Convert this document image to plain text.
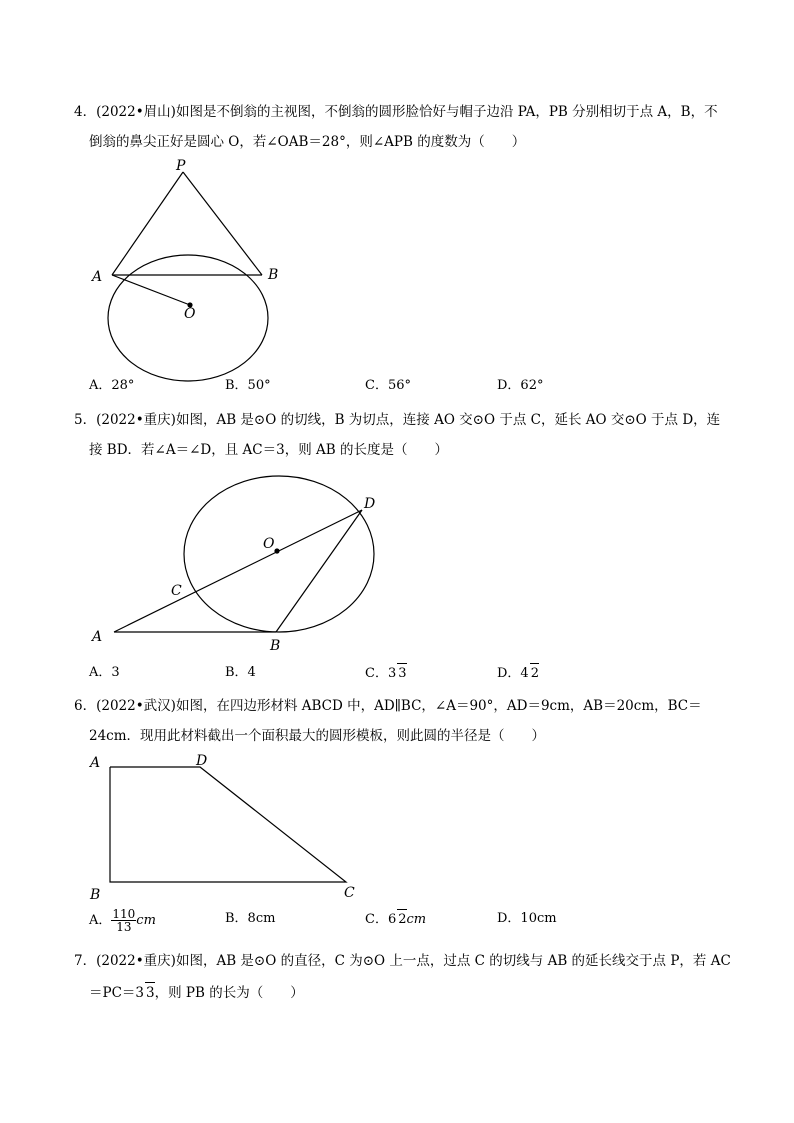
4．(2022•眉山)如图是不倒翁的主视图，不倒翁的圆形脸恰好与帽子边沿 PA，PB 分别相切于点 A，B，不
倒翁的鼻尖正好是圆心 O，若∠OAB＝28°，则∠APB 的度数为（　　）
P
A	B
O
A．28°	B．50°	C．56°	D．62°
5．(2022•重庆)如图，AB 是⊙O 的切线，B 为切点，连接 AO 交⊙O 于点 C，延长 AO 交⊙O 于点 D，连
接 BD．若∠A＝∠D，且 AC＝3，则 AB 的长度是（　　）
D
O
C
A
B
A．3	B．4	C．3 3	D．4 2
6．(2022•武汉)如图，在四边形材料 ABCD 中，AD∥BC，∠A＝90°，AD＝9cm，AB＝20cm，BC＝
24cm．现用此材料截出一个面积最大的圆形模板，则此圆的半径是（　　）
A	D
B	C
A． $\frac{110}{13}$ cm	B．8cm	C．6 2cm	D．10cm
7．(2022•重庆)如图，AB 是⊙O 的直径，C 为⊙O 上一点，过点 C 的切线与 AB 的延长线交于点 P，若 AC
＝PC＝3 3，则 PB 的长为（　　）
